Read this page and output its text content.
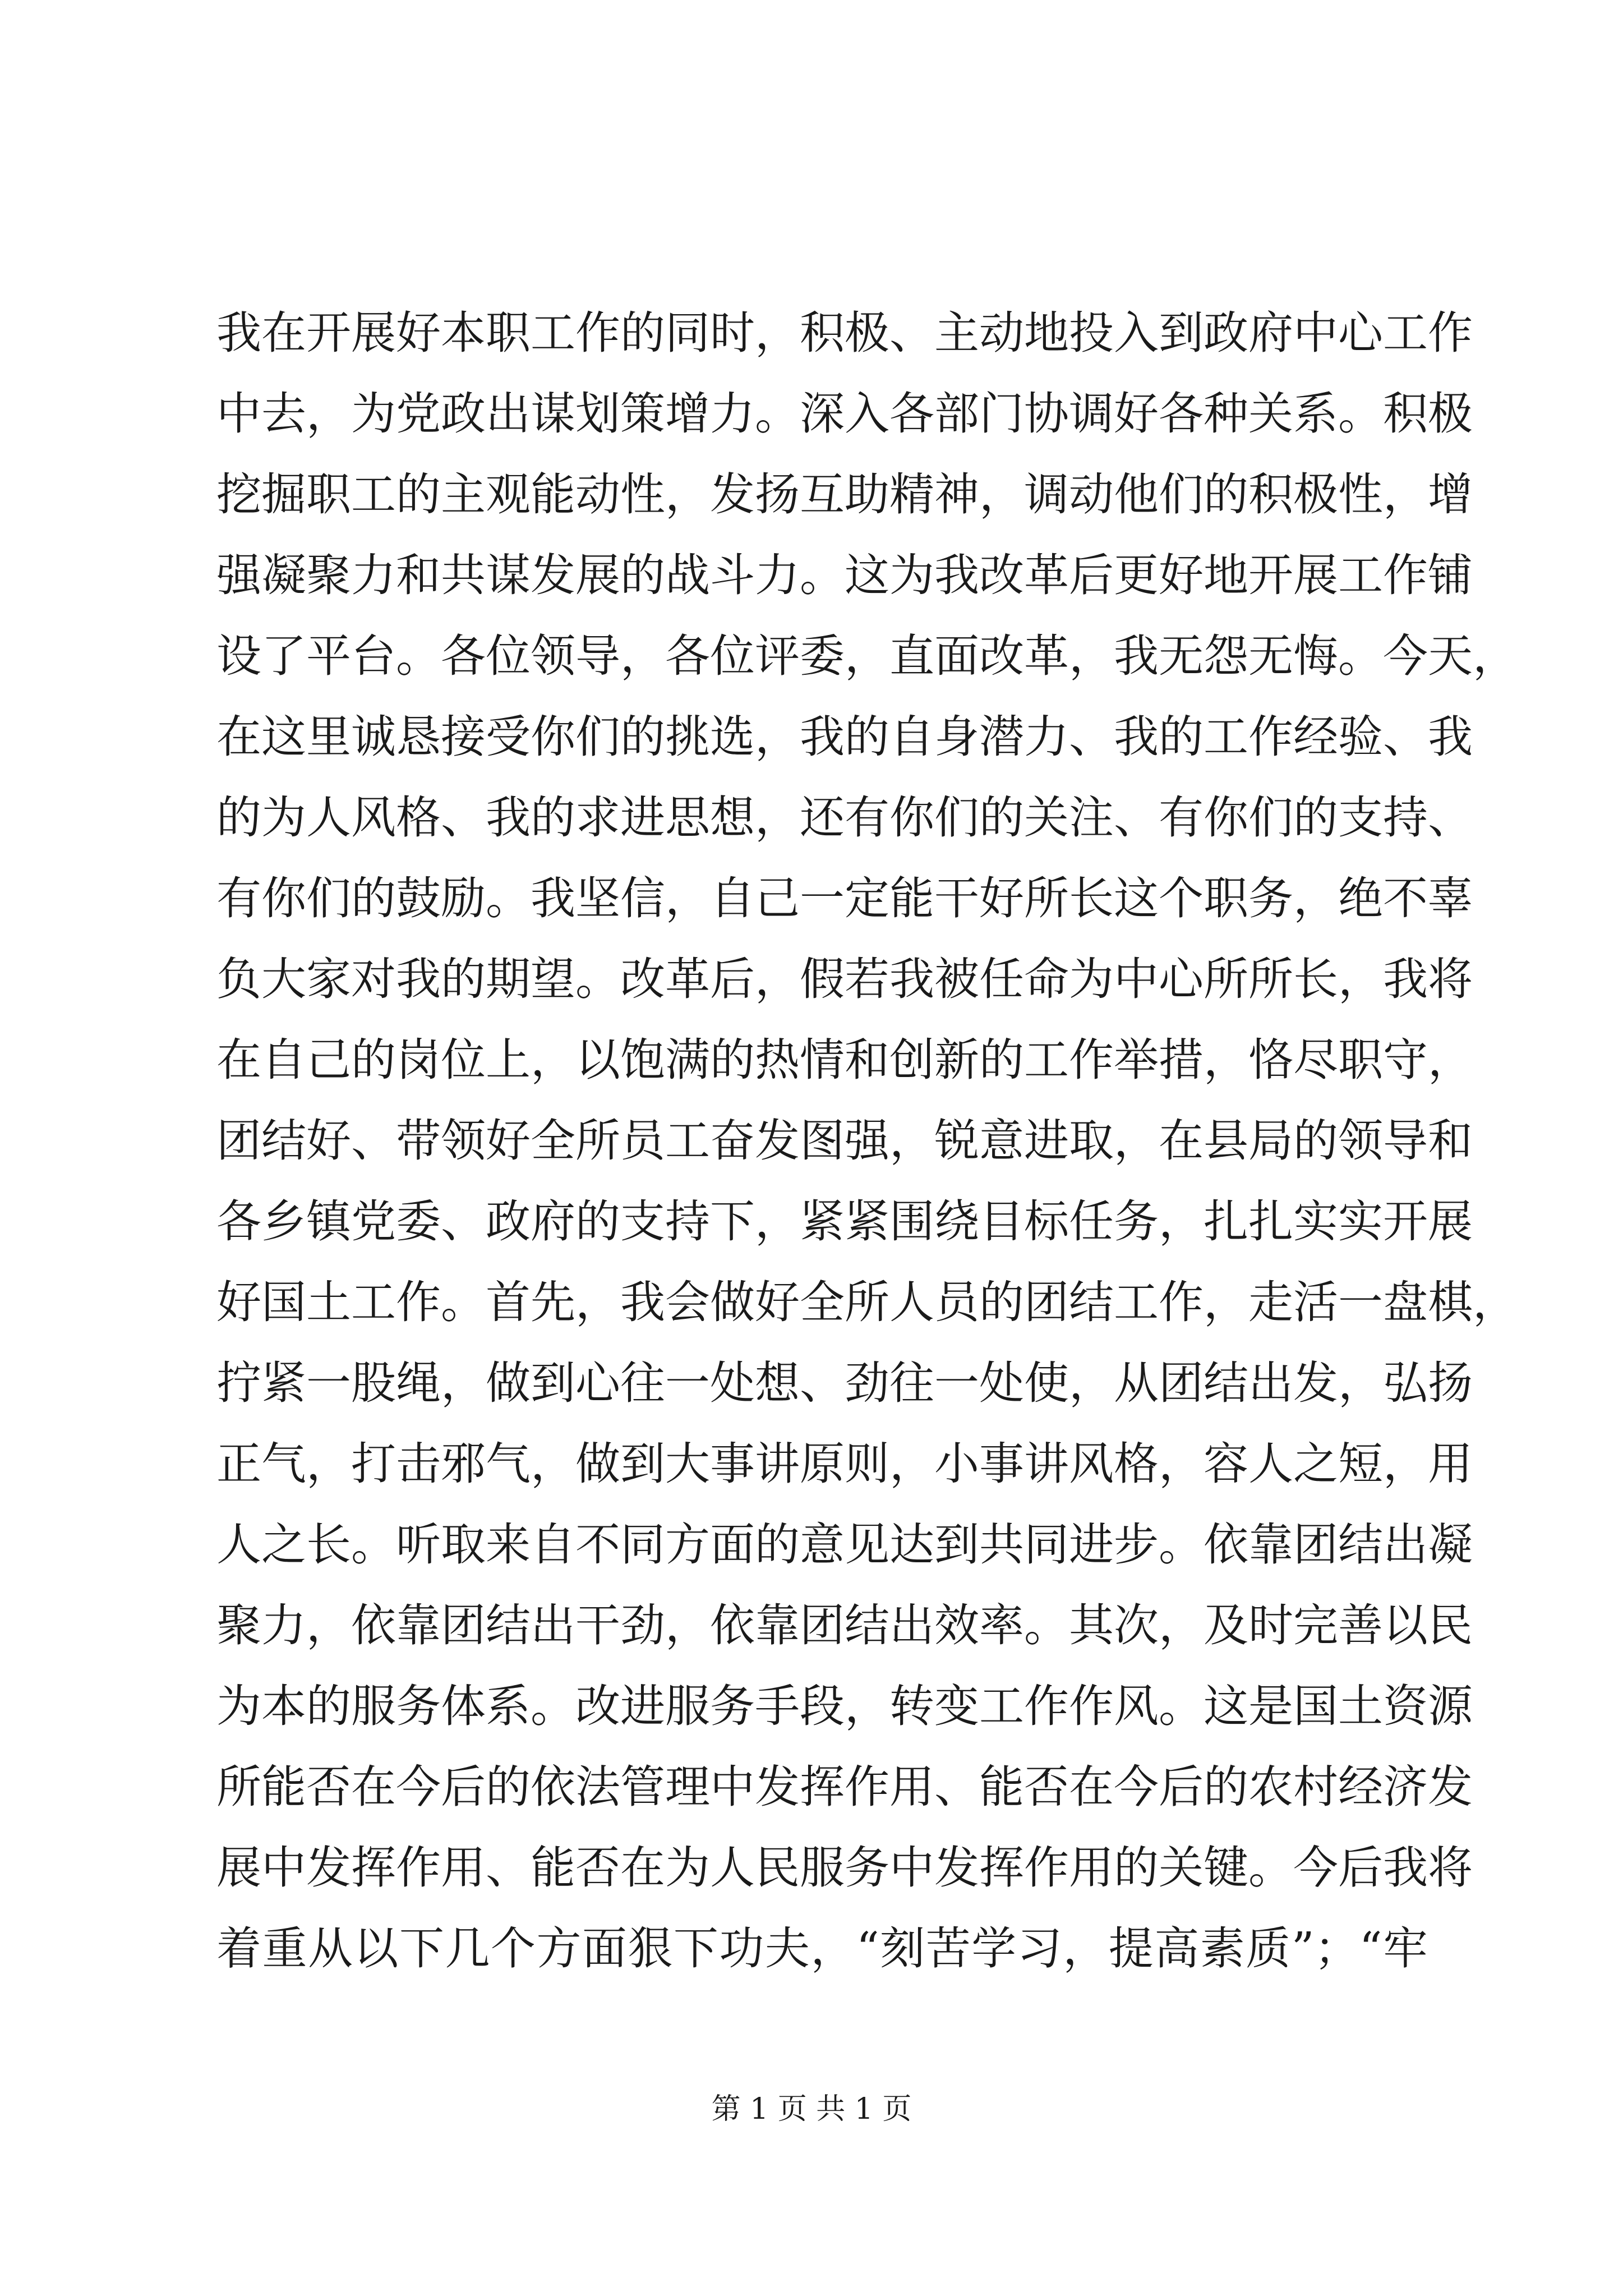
我在开展好本职工作的同时，积极、主动地投入到政府中心工作
中去，为党政出谋划策增力。深入各部门协调好各种关系。积极
挖掘职工的主观能动性，发扬互助精神，调动他们的积极性，增
强凝聚力和共谋发展的战斗力。这为我改革后更好地开展工作铺
设了平台。各位领导，各位评委，直面改革，我无怨无悔。今天，
在这里诚恳接受你们的挑选，我的自身潜力、我的工作经验、我
的为人风格、我的求进思想，还有你们的关注、有你们的支持、
有你们的鼓励。我坚信，自己一定能干好所长这个职务，绝不辜
负大家对我的期望。改革后，假若我被任命为中心所所长，我将
在自己的岗位上，以饱满的热情和创新的工作举措，恪尽职守，
团结好、带领好全所员工奋发图强，锐意进取，在县局的领导和
各乡镇党委、政府的支持下，紧紧围绕目标任务，扎扎实实开展
好国土工作。首先，我会做好全所人员的团结工作，走活一盘棋，
拧紧一股绳，做到心往一处想、劲往一处使，从团结出发，弘扬
正气，打击邪气，做到大事讲原则，小事讲风格，容人之短，用
人之长。听取来自不同方面的意见达到共同进步。依靠团结出凝
聚力，依靠团结出干劲，依靠团结出效率。其次，及时完善以民
为本的服务体系。改进服务手段，转变工作作风。这是国土资源
所能否在今后的依法管理中发挥作用、能否在今后的农村经济发
展中发挥作用、能否在为人民服务中发挥作用的关键。今后我将
着重从以下几个方面狠下功夫，“刻苦学习，提高素质”；“牢
第 1 页 共 1 页
